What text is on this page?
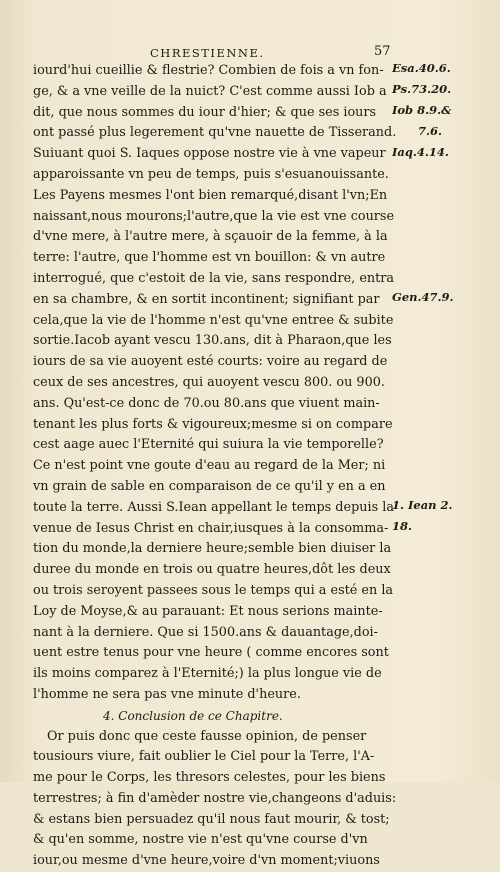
CHRESTIENNE.	57
iourd'hui cueillie & flestrie? Combien de fois a vn fon-
ge, & a vne veille de la nuict? C'est comme aussi Iob a
dit, que nous sommes du iour d'hier; & que ses iours
ont passé plus legerement qu'vne nauette de Tisserand.
Suiuant quoi S. Iaques oppose nostre vie à vne vapeur
apparoissante vn peu de temps, puis s'esuanouissante.
Les Payens mesmes l'ont bien remarqué,disant l'vn;En
naissant,nous mourons;l'autre,que la vie est vne course
d'vne mere, à l'autre mere, à sçauoir de la femme, à la
terre: l'autre, que l'homme est vn bouillon: & vn autre
interrogué, que c'estoit de la vie, sans respondre, entra
en sa chambre, & en sortit incontinent; signifiant par
cela,que la vie de l'homme n'est qu'vne entree & subite
sortie.Iacob ayant vescu 130.ans, dit à Pharaon,que les
iours de sa vie auoyent esté courts: voire au regard de
ceux de ses ancestres, qui auoyent vescu 800. ou 900.
ans. Qu'est-ce donc de 70.ou 80.ans que viuent main-
tenant les plus forts & vigoureux;mesme si on compare
cest aage auec l'Eternité qui suiura la vie temporelle?
Ce n'est point vne goute d'eau au regard de la Mer; ni
vn grain de sable en comparaison de ce qu'il y en a en
toute la terre. Aussi S.Iean appellant le temps depuis la
venue de Iesus Christ en chair,iusques à la consomma-
tion du monde,la derniere heure;semble bien diuiser la
duree du monde en trois ou quatre heures,dôt les deux
ou trois seroyent passees sous le temps qui a esté en la
Loy de Moyse,& au parauant: Et nous serions mainte-
nant à la derniere. Que si 1500.ans & dauantage,doi-
uent estre tenus pour vne heure ( comme encores sont
ils moins comparez à l'Eternité;) la plus longue vie de
l'homme ne sera pas vne minute d'heure.
4. Conclusion de ce Chapitre.
Or puis donc que ceste fausse opinion, de penser
tousiours viure, fait oublier le Ciel pour la Terre, l'A-
me pour le Corps, les thresors celestes, pour les biens
terrestres; à fin d'amèder nostre vie,changeons d'aduis:
& estans bien persuadez qu'il nous faut mourir, & tost;
& qu'en somme, nostre vie n'est qu'vne course d'vn
iour,ou mesme d'vne heure,voire d'vn moment;viuons
Esa.40.6.
Ps.73.20.
Iob 8.9.&
7.6.
Iaq.4.14.
Gen.47.9.
1. Iean 2.
18.
